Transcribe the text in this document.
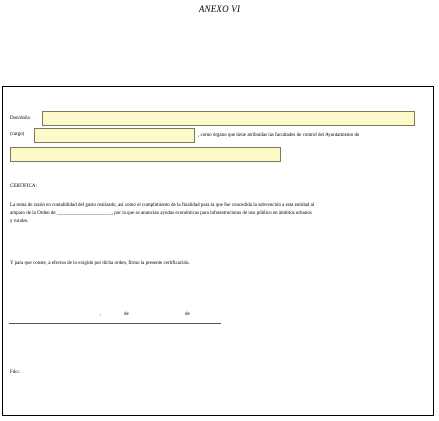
ANEXO VI
Don/doña
(cargo)	, como órgano que tiene atribuidas las facultades de control del Ayuntamiento de
CERTIFICA:
La toma de razón en contabilidad del gasto realizado, así como el cumplimiento de la finalidad para la que fue concedida la subvención a esta entidad al
amparo de la Orden de ______________________, por la que se anuncian ayudas económicas para infraestructuras de uso público en ámbitos urbanos
y rurales.
Y para que conste, a efectos de lo exigido por dicha orden, firmo la presente certificación.
,	de	de
Fdo.:
